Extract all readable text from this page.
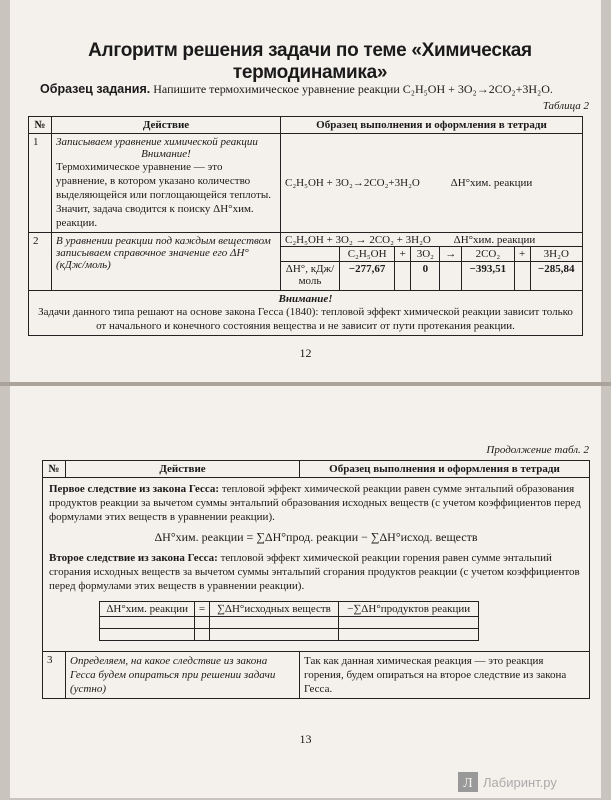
Алгоритм решения задачи по теме «Химическая термодинамика»
Образец задания. Напишите термохимическое уравнение реакции C₂H₅OH + 3O₂→2CO₂+3H₂O.
Таблица 2
№	Действие	Образец выполнения и оформления в тетради
1	Записываем уравнение химической реакции
Внимание!
Термохимическое уравнение — это уравнение, в котором указано количество выделяющейся или поглощающейся теплоты. Значит, задача сводится к поиску ΔH°хим. реакции.
	C₂H₅OH + 3O₂→2CO₂+3H₂O	ΔH°хим. реакции
2	В уравнении реакции под каждым веществом записываем справочное значение его ΔH° (кДж/моль)	
C₂H₅OH + 3O₂ → 2CO₂ + 3H₂O ΔH°хим. реакции
	C₂H₅OH	+	3O₂	→	2CO₂	+	3H₂O
ΔH°, кДж/моль	−277,67		0		−393,51		−285,84

Внимание!
Задачи данного типа решают на основе закона Гесса (1840): тепловой эффект химической реакции зависит только от начального и конечного состояния вещества и не зависит от пути протекания реакции.
12
Продолжение табл. 2
№	Действие	Образец выполнения и оформления в тетради

Первое следствие из закона Гесса: тепловой эффект химической реакции равен сумме энтальпий образования продуктов реакции за вычетом суммы энтальпий образования исходных веществ (с учетом коэффициентов перед формулами этих веществ в уравнении реакции).
ΔH°хим. реакции = ∑ΔH°прод. реакции − ∑ΔH°исход. веществ
Второе следствие из закона Гесса: тепловой эффект химической реакции горения равен сумме энтальпий сгорания исходных веществ за вычетом суммы энтальпий сгорания продуктов реакции (с учетом коэффициентов перед формулами этих веществ в уравнении реакции).
ΔH°хим. реакции	=	∑ΔH°исходных веществ	−∑ΔH°продуктов реакции

3	Определяем, на какое следствие из закона Гесса будем опираться при решении задачи (устно)	Так как данная химическая реакция — это реакция горения, будем опираться на второе следствие из закона Гесса.
13
Л Лабиринт.ру
